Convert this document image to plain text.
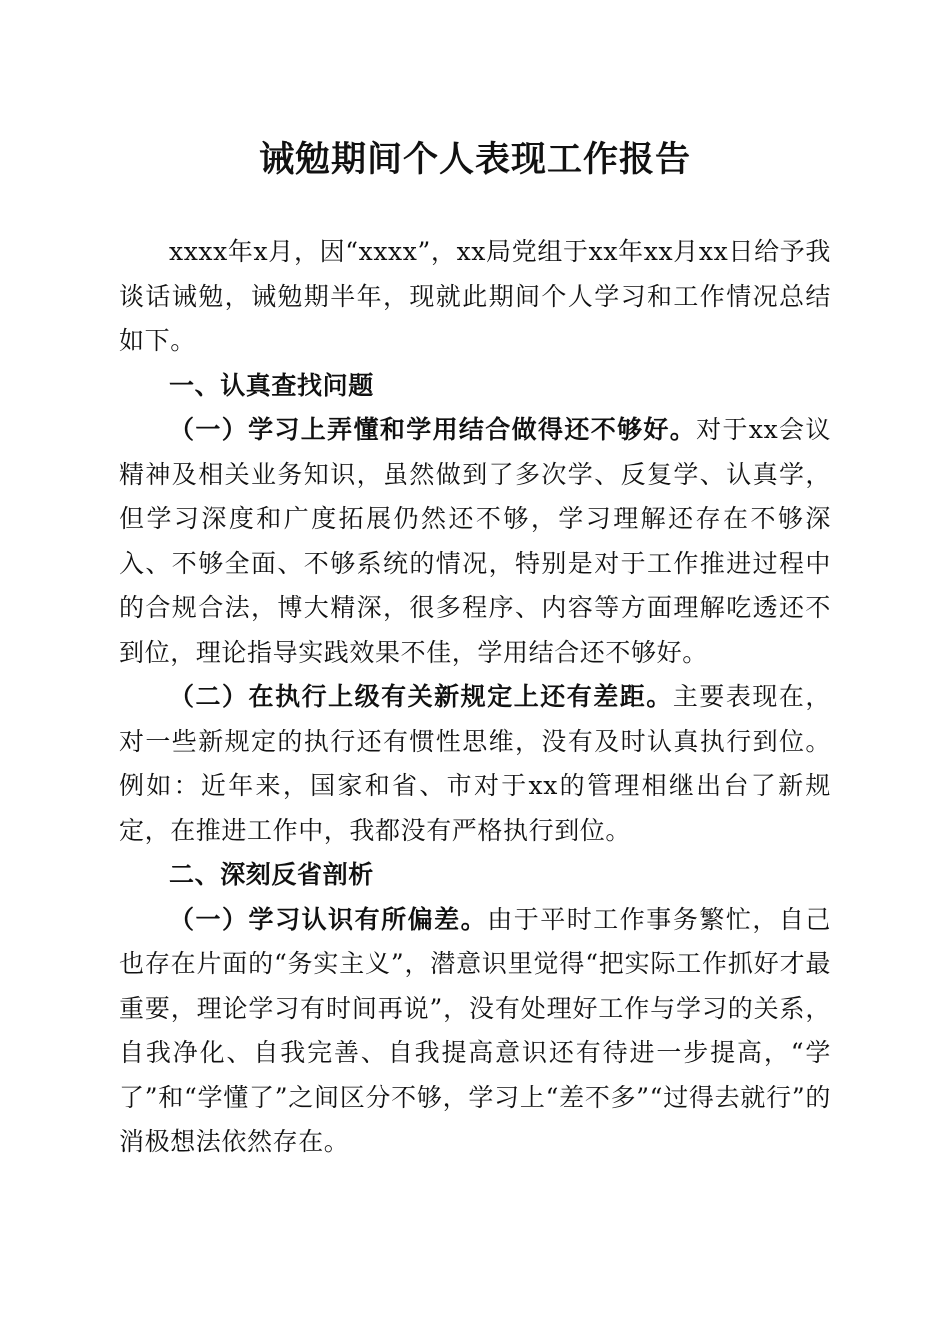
诫勉期间个人表现工作报告

xxxx年x月，因“xxxx”，xx局党组于xx年xx月xx日给予我谈话诫勉，诫勉期半年，现就此期间个人学习和工作情况总结如下。

一、认真查找问题

（一）学习上弄懂和学用结合做得还不够好。对于xx会议精神及相关业务知识，虽然做到了多次学、反复学、认真学，但学习深度和广度拓展仍然还不够，学习理解还存在不够深入、不够全面、不够系统的情况，特别是对于工作推进过程中的合规合法，博大精深，很多程序、内容等方面理解吃透还不到位，理论指导实践效果不佳，学用结合还不够好。

（二）在执行上级有关新规定上还有差距。主要表现在，对一些新规定的执行还有惯性思维，没有及时认真执行到位。例如：近年来，国家和省、市对于xx的管理相继出台了新规定，在推进工作中，我都没有严格执行到位。

二、深刻反省剖析

（一）学习认识有所偏差。由于平时工作事务繁忙，自己也存在片面的“务实主义”，潜意识里觉得“把实际工作抓好才最重要，理论学习有时间再说”，没有处理好工作与学习的关系，自我净化、自我完善、自我提高意识还有待进一步提高，“学了”和“学懂了”之间区分不够，学习上“差不多”“过得去就行”的消极想法依然存在。
